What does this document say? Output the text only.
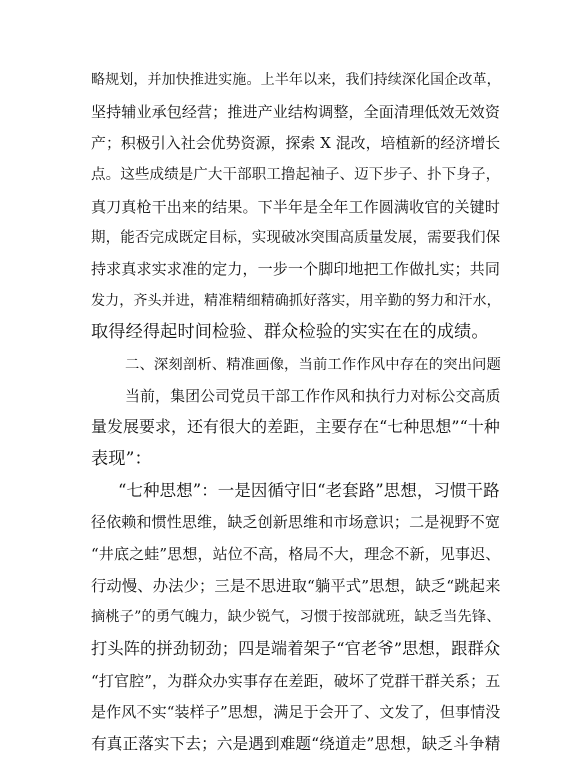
略规划，并加快推进实施。上半年以来，我们持续深化国企改革，
坚持辅业承包经营；推进产业结构调整，全面清理低效无效资
产；积极引入社会优势资源，探索 X 混改，培植新的经济增长
点。这些成绩是广大干部职工撸起袖子、迈下步子、扑下身子，
真刀真枪干出来的结果。下半年是全年工作圆满收官的关键时
期，能否完成既定目标，实现破冰突围高质量发展，需要我们保
持求真求实求准的定力，一步一个脚印地把工作做扎实；共同
发力，齐头并进，精准精细精确抓好落实，用辛勤的努力和汗水，
取得经得起时间检验、群众检验的实实在在的成绩。
二、深刻剖析、精准画像，当前工作作风中存在的突出问题
当前，集团公司党员干部工作作风和执行力对标公交高质
量发展要求，还有很大的差距，主要存在“七种思想”“十种
表现”：
“七种思想”：一是因循守旧“老套路”思想，习惯干路
径依赖和惯性思维，缺乏创新思维和市场意识；二是视野不宽
“井底之蛙”思想，站位不高，格局不大，理念不新，见事迟、
行动慢、办法少；三是不思进取“躺平式”思想，缺乏“跳起来
摘桃子”的勇气魄力，缺少锐气，习惯于按部就班，缺乏当先锋、
打头阵的拼劲韧劲；四是端着架子“官老爷”思想，跟群众
“打官腔”，为群众办实事存在差距，破坏了党群干群关系；五
是作风不实“装样子”思想，满足于会开了、文发了，但事情没
有真正落实下去；六是遇到难题“绕道走”思想，缺乏斗争精
